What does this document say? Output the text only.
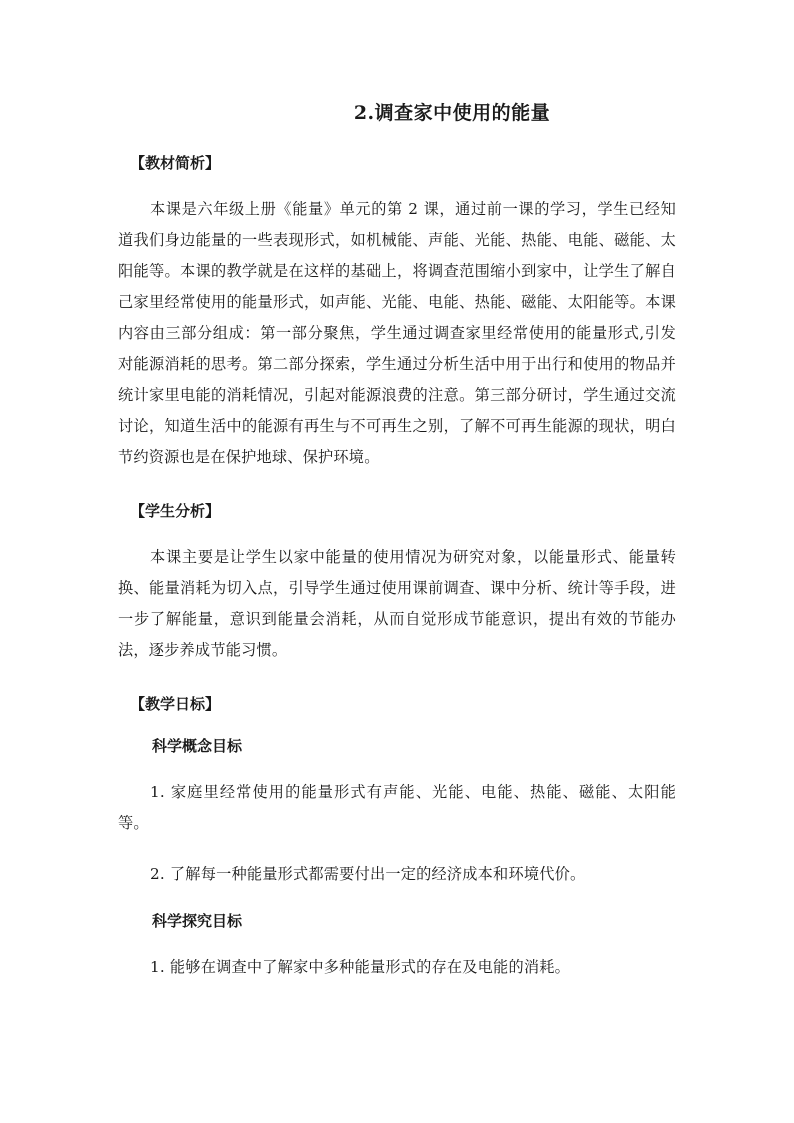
2.调查家中使用的能量
【教材简析】

本课是六年级上册《能量》单元的第 2 课，通过前一课的学习，学生已经知道我们身边能量的一些表现形式，如机械能、声能、光能、热能、电能、磁能、太阳能等。本课的教学就是在这样的基础上，将调查范围缩小到家中，让学生了解自己家里经常使用的能量形式，如声能、光能、电能、热能、磁能、太阳能等。本课内容由三部分组成：第一部分聚焦，学生通过调查家里经常使用的能量形式,引发对能源消耗的思考。第二部分探索，学生通过分析生活中用于出行和使用的物品并统计家里电能的消耗情况，引起对能源浪费的注意。第三部分研讨，学生通过交流讨论，知道生活中的能源有再生与不可再生之别，了解不可再生能源的现状，明白节约资源也是在保护地球、保护环境。

【学生分析】

本课主要是让学生以家中能量的使用情况为研究对象，以能量形式、能量转换、能量消耗为切入点，引导学生通过使用课前调查、课中分析、统计等手段，进一步了解能量，意识到能量会消耗，从而自觉形成节能意识，提出有效的节能办法，逐步养成节能习惯。

【教学日标】
科学概念目标

1. 家庭里经常使用的能量形式有声能、光能、电能、热能、磁能、太阳能等。

2. 了解每一种能量形式都需要付出一定的经济成本和环境代价。

科学探究目标

1. 能够在调查中了解家中多种能量形式的存在及电能的消耗。
